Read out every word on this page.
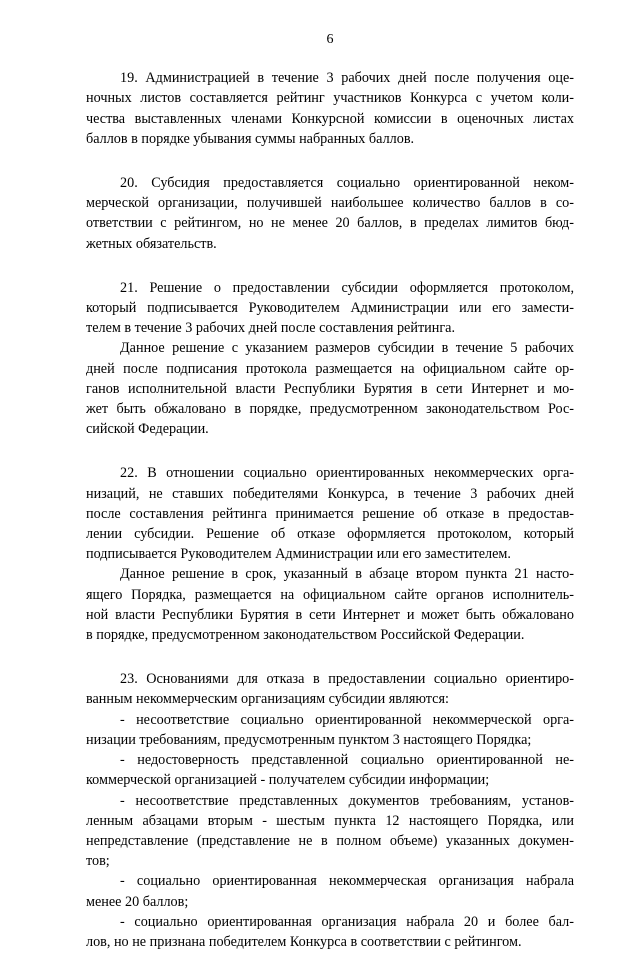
6
19. Администрацией в течение 3 рабочих дней после получения оце-
ночных листов составляется рейтинг участников Конкурса с учетом коли-
чества выставленных членами Конкурсной комиссии в оценочных листах
баллов в порядке убывания суммы набранных баллов.
20. Субсидия предоставляется социально ориентированной неком-
мерческой организации, получившей наибольшее количество баллов в со-
ответствии с рейтингом, но не менее 20 баллов, в пределах лимитов бюд-
жетных обязательств.
21. Решение о предоставлении субсидии оформляется протоколом,
который подписывается Руководителем Администрации или его замести-
телем в течение 3 рабочих дней после составления рейтинга.
Данное решение с указанием размеров субсидии в течение 5 рабочих
дней после подписания протокола размещается на официальном сайте ор-
ганов исполнительной власти Республики Бурятия в сети Интернет и мо-
жет быть обжаловано в порядке, предусмотренном законодательством Рос-
сийской Федерации.
22. В отношении социально ориентированных некоммерческих орга-
низаций, не ставших победителями Конкурса, в течение 3 рабочих дней
после составления рейтинга принимается решение об отказе в предостав-
лении субсидии. Решение об отказе оформляется протоколом, который
подписывается Руководителем Администрации или его заместителем.
Данное решение в срок, указанный в абзаце втором пункта 21 насто-
ящего Порядка, размещается на официальном сайте органов исполнитель-
ной власти Республики Бурятия в сети Интернет и может быть обжаловано
в порядке, предусмотренном законодательством Российской Федерации.
23. Основаниями для отказа в предоставлении социально ориентиро-
ванным некоммерческим организациям субсидии являются:
- несоответствие социально ориентированной некоммерческой орга-
низации требованиям, предусмотренным пунктом 3 настоящего Порядка;
- недостоверность представленной социально ориентированной не-
коммерческой организацией - получателем субсидии информации;
- несоответствие представленных документов требованиям, установ-
ленным абзацами вторым - шестым пункта 12 настоящего Порядка, или
непредставление (представление не в полном объеме) указанных докумен-
тов;
- социально ориентированная некоммерческая организация набрала
менее 20 баллов;
- социально ориентированная организация набрала 20 и более бал-
лов, но не признана победителем Конкурса в соответствии с рейтингом.
